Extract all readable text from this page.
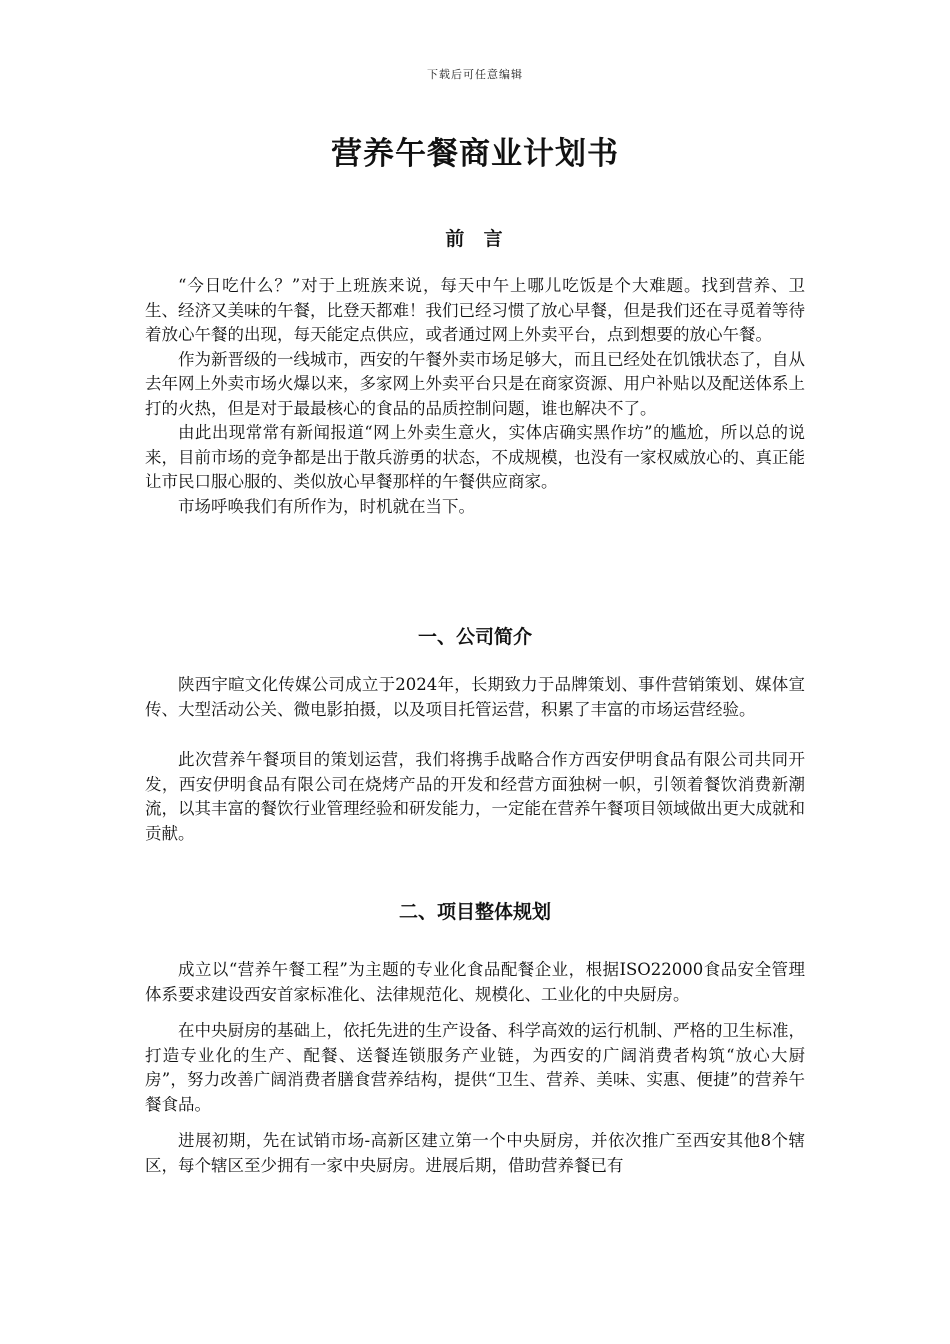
下载后可任意编辑
营养午餐商业计划书
前  言

“今日吃什么？”对于上班族来说，每天中午上哪儿吃饭是个大难题。找到营养、卫生、经济又美味的午餐，比登天都难！我们已经习惯了放心早餐，但是我们还在寻觅着等待着放心午餐的出现，每天能定点供应，或者通过网上外卖平台，点到想要的放心午餐。

作为新晋级的一线城市，西安的午餐外卖市场足够大，而且已经处在饥饿状态了，自从去年网上外卖市场火爆以来，多家网上外卖平台只是在商家资源、用户补贴以及配送体系上打的火热，但是对于最最核心的食品的品质控制问题，谁也解决不了。

由此出现常常有新闻报道“网上外卖生意火，实体店确实黑作坊”的尴尬，所以总的说来，目前市场的竞争都是出于散兵游勇的状态，不成规模，也没有一家权威放心的、真正能让市民口服心服的、类似放心早餐那样的午餐供应商家。

市场呼唤我们有所作为，时机就在当下。

一、公司简介

陕西宇暄文化传媒公司成立于2024年，长期致力于品牌策划、事件营销策划、媒体宣传、大型活动公关、微电影拍摄，以及项目托管运营，积累了丰富的市场运营经验。

此次营养午餐项目的策划运营，我们将携手战略合作方西安伊明食品有限公司共同开发，西安伊明食品有限公司在烧烤产品的开发和经营方面独树一帜，引领着餐饮消费新潮流，以其丰富的餐饮行业管理经验和研发能力，一定能在营养午餐项目领域做出更大成就和贡献。

二、项目整体规划

成立以“营养午餐工程”为主题的专业化食品配餐企业，根据ISO22000食品安全管理体系要求建设西安首家标准化、法律规范化、规模化、工业化的中央厨房。

在中央厨房的基础上，依托先进的生产设备、科学高效的运行机制、严格的卫生标准，打造专业化的生产、配餐、送餐连锁服务产业链，为西安的广阔消费者构筑“放心大厨房”，努力改善广阔消费者膳食营养结构，提供“卫生、营养、美味、实惠、便捷”的营养午餐食品。

进展初期，先在试销市场-高新区建立第一个中央厨房，并依次推广至西安其他8个辖区，每个辖区至少拥有一家中央厨房。进展后期，借助营养餐已有
